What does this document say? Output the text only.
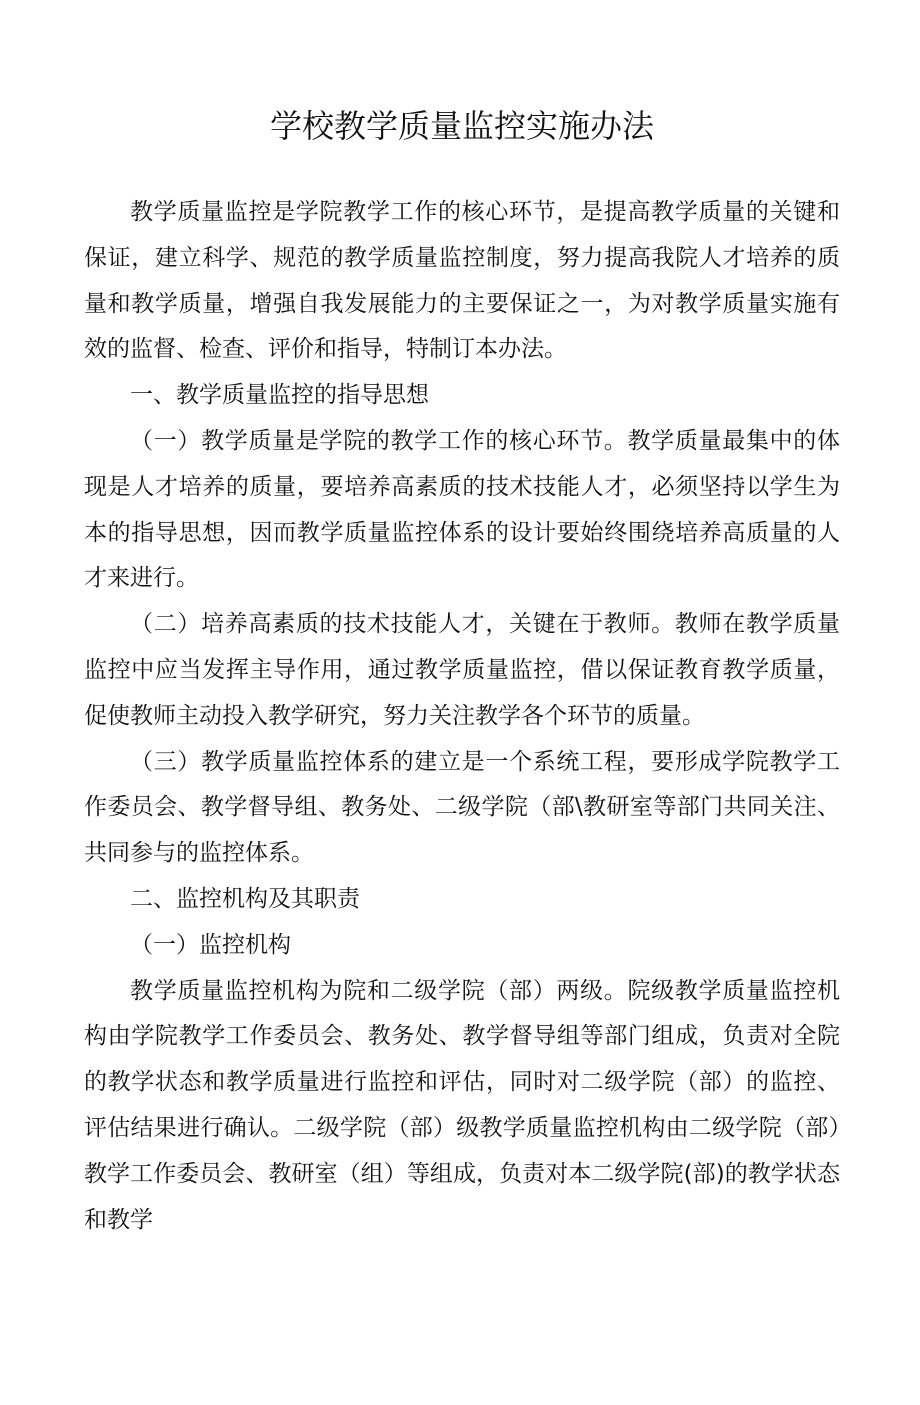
学校教学质量监控实施办法

教学质量监控是学院教学工作的核心环节，是提高教学质量的关键和保证，建立科学、规范的教学质量监控制度，努力提高我院人才培养的质量和教学质量，增强自我发展能力的主要保证之一，为对教学质量实施有效的监督、检查、评价和指导，特制订本办法。

一、教学质量监控的指导思想

（一）教学质量是学院的教学工作的核心环节。教学质量最集中的体现是人才培养的质量，要培养高素质的技术技能人才，必须坚持以学生为本的指导思想，因而教学质量监控体系的设计要始终围绕培养高质量的人才来进行。

（二）培养高素质的技术技能人才，关键在于教师。教师在教学质量监控中应当发挥主导作用，通过教学质量监控，借以保证教育教学质量，促使教师主动投入教学研究，努力关注教学各个环节的质量。

（三）教学质量监控体系的建立是一个系统工程，要形成学院教学工作委员会、教学督导组、教务处、二级学院（部\教研室等部门共同关注、共同参与的监控体系。

二、监控机构及其职责

（一）监控机构

教学质量监控机构为院和二级学院（部）两级。院级教学质量监控机构由学院教学工作委员会、教务处、教学督导组等部门组成，负责对全院的教学状态和教学质量进行监控和评估，同时对二级学院（部）的监控、评估结果进行确认。二级学院（部）级教学质量监控机构由二级学院（部）教学工作委员会、教研室（组）等组成，负责对本二级学院(部)的教学状态和教学
